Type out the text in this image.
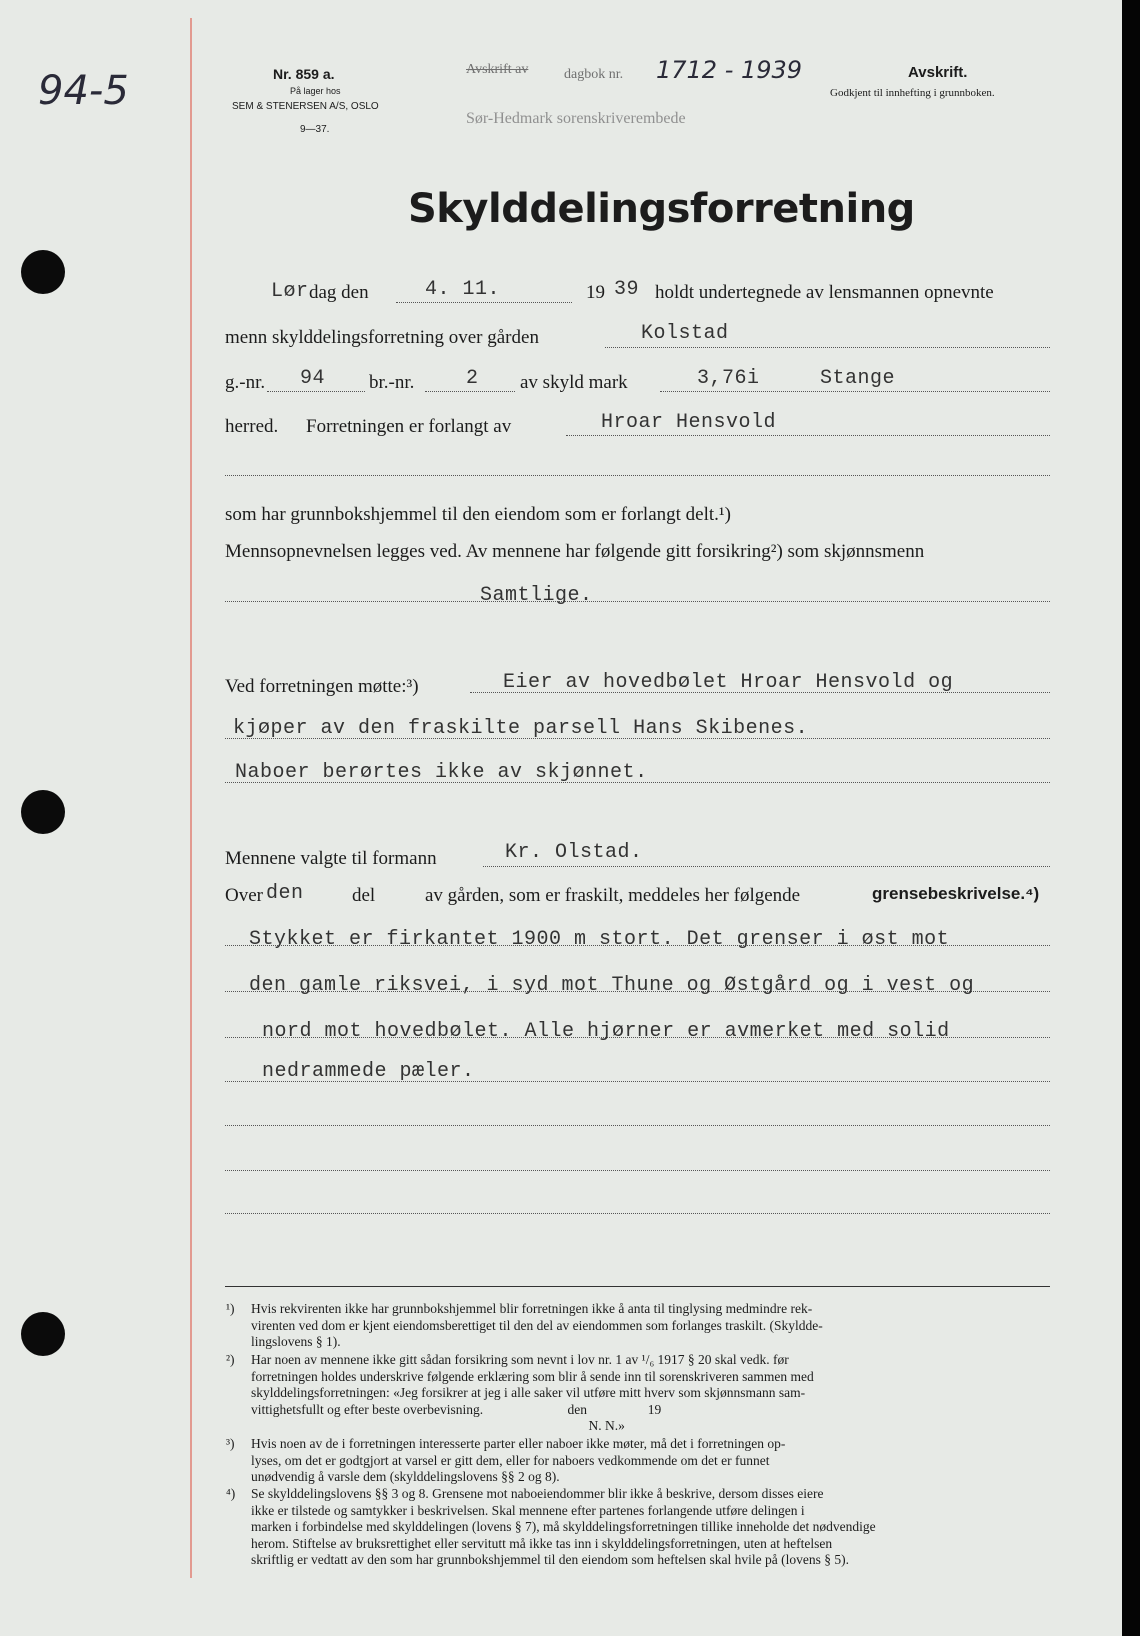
94-5	Nr. 859 a.
På lager hos
SEM & STENERSEN A/S, OSLO
9—37.
Avskrift av	dagbok nr. 1712 - 1939
Sør-Hedmark sorenskriverembede
Avskrift.
Godkjent til innhefting i grunnboken.
Skylddelingsforretning
Lør dag den	4. 11.	19 39 holdt undertegnede av lensmannen opnevnte
menn skylddelingsforretning over gården	Kolstad
g.-nr. 94 br.-nr.	2 av skyld mark	3,76i	Stange
herred. Forretningen er forlangt av	Hroar Hensvold
som har grunnbokshjemmel til den eiendom som er forlangt delt.¹)
Mennsopnevnelsen legges ved. Av mennene har følgende gitt forsikring²) som skjønnsmenn
Samtlige.
Ved forretningen møtte:³)	Eier av hovedbølet Hroar Hensvold og
kjøper av den fraskilte parsell Hans Skibenes.
Naboer berørtes ikke av skjønnet.
Mennene valgte til formann	Kr. Olstad.
Over den	del	av gården, som er fraskilt, meddeles her følgende	grensebeskrivelse.⁴)
Stykket er firkantet 1900 m stort. Det grenser i øst mot
den gamle riksvei, i syd mot Thune og Østgård og i vest og
nord mot hovedbølet. Alle hjørner er avmerket med solid
nedrammede pæler.
¹) Hvis rekvirenten ikke har grunnbokshjemmel blir forretningen ikke å anta til tinglysing medmindre rek-
virenten ved dom er kjent eiendomsberettiget til den del av eiendommen som forlanges traskilt. (Skyldde-
lingslovens § 1).
²) Har noen av mennene ikke gitt sådan forsikring som nevnt i lov nr. 1 av ¹/₆ 1917 § 20 skal vedk. før
forretningen holdes underskrive følgende erklæring som blir å sende inn til sorenskriveren sammen med
skylddelingsforretningen: «Jeg forsikrer at jeg i alle saker vil utføre mitt hverv som skjønnsmann sam-
vittighetsfullt og efter beste overbevisning.                         den                  19
N. N.»
³) Hvis noen av de i forretningen interesserte parter eller naboer ikke møter, må det i forretningen op-
lyses, om det er godtgjort at varsel er gitt dem, eller for naboers vedkommende om det er funnet
unødvendig å varsle dem (skylddelingslovens §§ 2 og 8).
⁴) Se skylddelingslovens §§ 3 og 8. Grensene mot naboeiendommer blir ikke å beskrive, dersom disses eiere
ikke er tilstede og samtykker i beskrivelsen. Skal mennene efter partenes forlangende utføre delingen i
marken i forbindelse med skylddelingen (lovens § 7), må skylddelingsforretningen tillike inneholde det nødvendige
herom. Stiftelse av bruksrettighet eller servitutt må ikke tas inn i skylddelingsforretningen, uten at heftelsen
skriftlig er vedtatt av den som har grunnbokshjemmel til den eiendom som heftelsen skal hvile på (lovens § 5).
